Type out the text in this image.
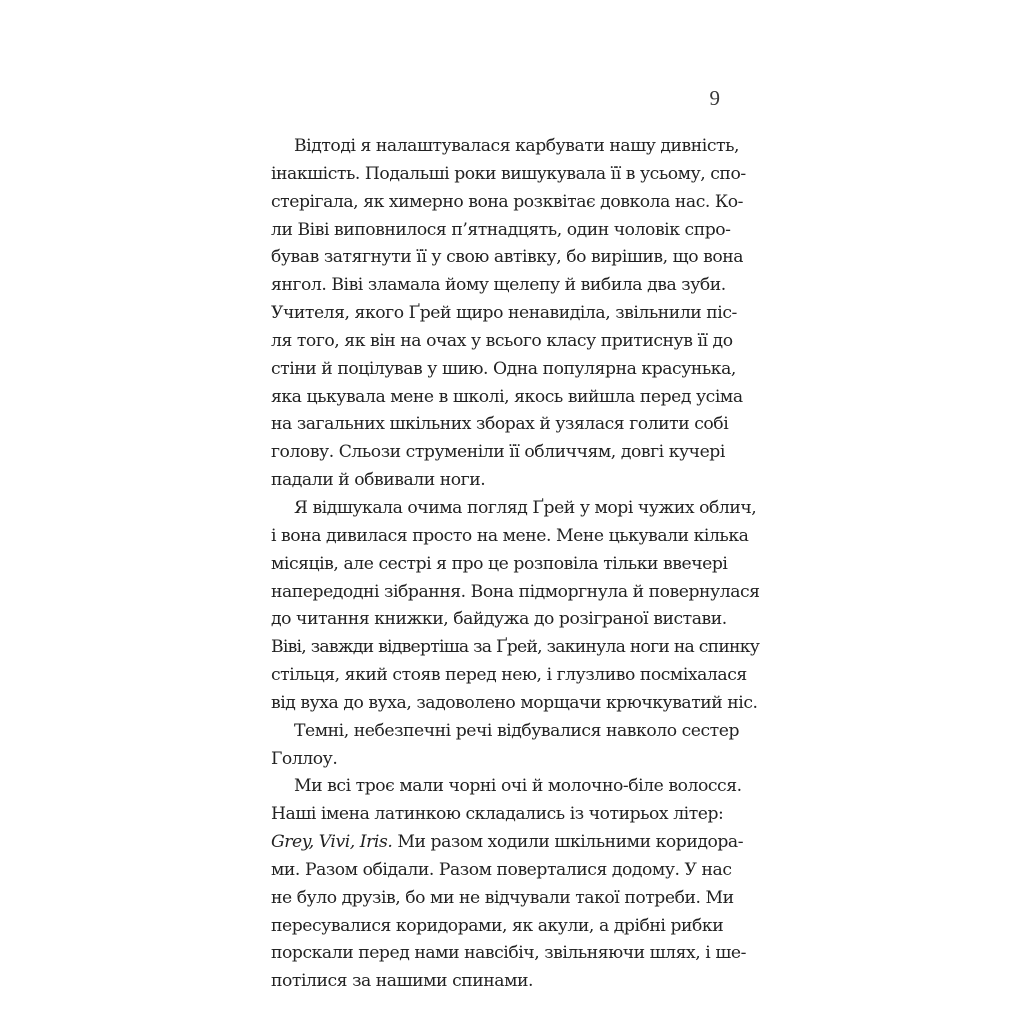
9
Відтоді я налаштувалася карбувати нашу дивність,
інакшість. Подальші роки вишукувала її в усьому, спо-
стерігала, як химерно вона розквітає довкола нас. Ко-
ли Віві виповнилося п’ятнадцять, один чоловік спро-
бував затягнути її у свою автівку, бо вирішив, що вона
янгол. Віві зламала йому щелепу й вибила два зуби.
Учителя, якого Ґрей щиро ненавиділа, звільнили піс-
ля того, як він на очах у всього класу притиснув її до
стіни й поцілував у шию. Одна популярна красунька,
яка цькувала мене в школі, якось вийшла перед усіма
на загальних шкільних зборах й узялася голити собі
голову. Сльози струменіли її обличчям, довгі кучері
падали й обвивали ноги.
Я відшукала очима погляд Ґрей у морі чужих облич,
і вона дивилася просто на мене. Мене цькували кілька
місяців, але сестрі я про це розповіла тільки ввечері
напередодні зібрання. Вона підморгнула й повернулася
до читання книжки, байдужа до розіграної вистави.
Віві, завжди відвертіша за Ґрей, закинула ноги на спинку
стільця, який стояв перед нею, і глузливо посміхалася
від вуха до вуха, задоволено морщачи крючкуватий ніс.
Темні, небезпечні речі відбувалися навколо сестер
Голлоу.
Ми всі троє мали чорні очі й молочно-біле волосся.
Наші імена латинкою складались із чотирьох літер:
Grey, Vivi, Iris. Ми разом ходили шкільними коридора-
ми. Разом обідали. Разом поверталися додому. У нас
не було друзів, бо ми не відчували такої потреби. Ми
пересувалися коридорами, як акули, а дрібні рибки
порскали перед нами навсібіч, звільняючи шлях, і ше-
потілися за нашими спинами.
